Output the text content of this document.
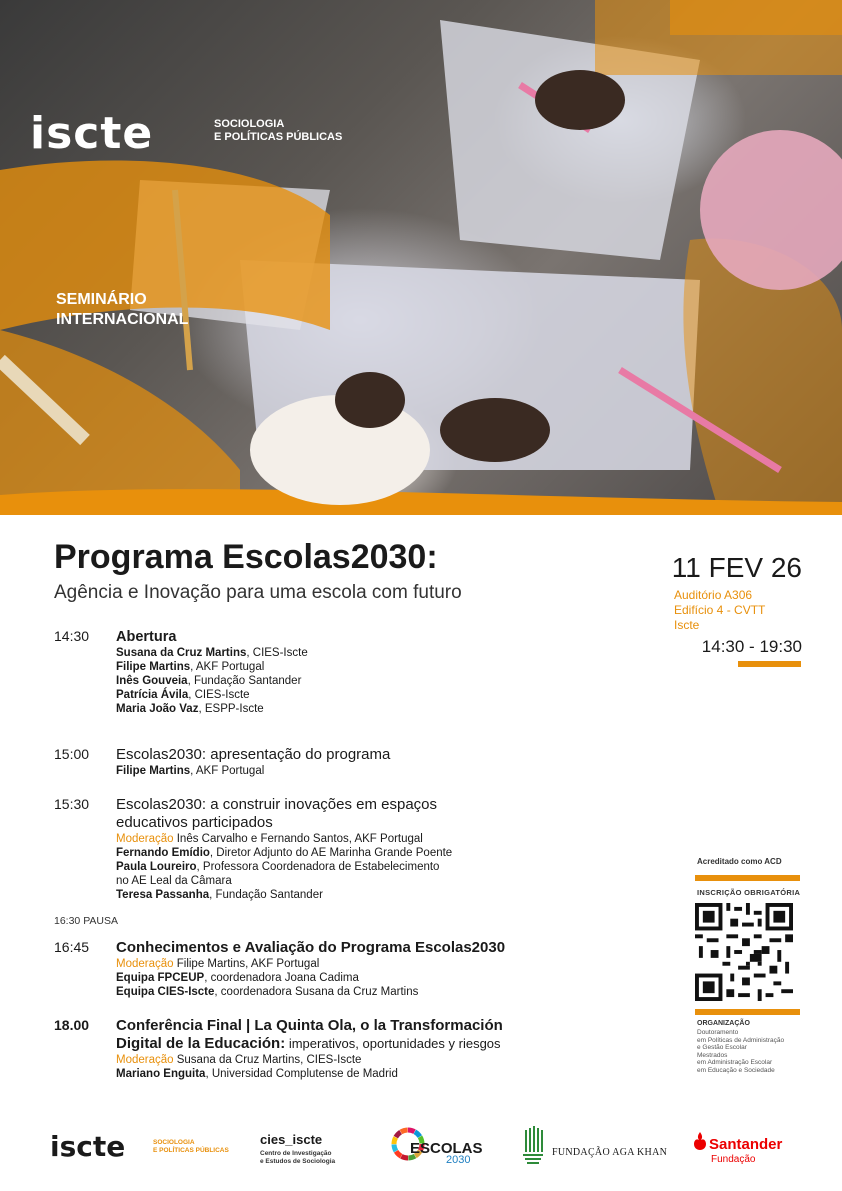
iscte	SOCIOLOGIA
E POLÍTICAS PÚBLICAS
SEMINÁRIO
INTERNACIONAL
Programa Escolas2030:
Agência e Inovação para uma escola com futuro
11 FEV 26
Auditório A306
Edifício 4 - CVTT
Iscte
14:30 - 19:30
14:30 Abertura
Susana da Cruz Martins, CIES-Iscte
Filipe Martins, AKF Portugal
Inês Gouveia, Fundação Santander
Patrícia Ávila, CIES-Iscte
Maria João Vaz, ESPP-Iscte
15:00 Escolas2030: apresentação do programa
Filipe Martins, AKF Portugal
15:30 Escolas2030: a construir inovações em espaços
educativos participados
Moderação Inês Carvalho e Fernando Santos, AKF Portugal
Fernando Emídio, Diretor Adjunto do AE Marinha Grande Poente
Paula Loureiro, Professora Coordenadora de Estabelecimento
no AE Leal da Câmara
Teresa Passanha, Fundação Santander
16:30 PAUSA
16:45 Conhecimentos e Avaliação do Programa Escolas2030
Moderação Filipe Martins, AKF Portugal
Equipa FPCEUP, coordenadora Joana Cadima
Equipa CIES-Iscte, coordenadora Susana da Cruz Martins
18.00 Conferência Final | La Quinta Ola, o la Transformación
Digital de la Educación: imperativos, oportunidades y riesgos
Moderação Susana da Cruz Martins, CIES-Iscte
Mariano Enguita, Universidad Complutense de Madrid
Acreditado como ACD
INSCRIÇÃO OBRIGATÓRIA
ORGANIZAÇÃO
Doutoramento
em Políticas de Administração
e Gestão Escolar
Mestrados
em Administração Escolar
em Educação e Sociedade
iscte	SOCIOLOGIA
E POLÍTICAS PÚBLICAS
cies_iscte
Centro de Investigação
e Estudos de Sociologia
ESCOLAS
2030
FUNDAÇÃO AGA KHAN	Santander
Fundação
